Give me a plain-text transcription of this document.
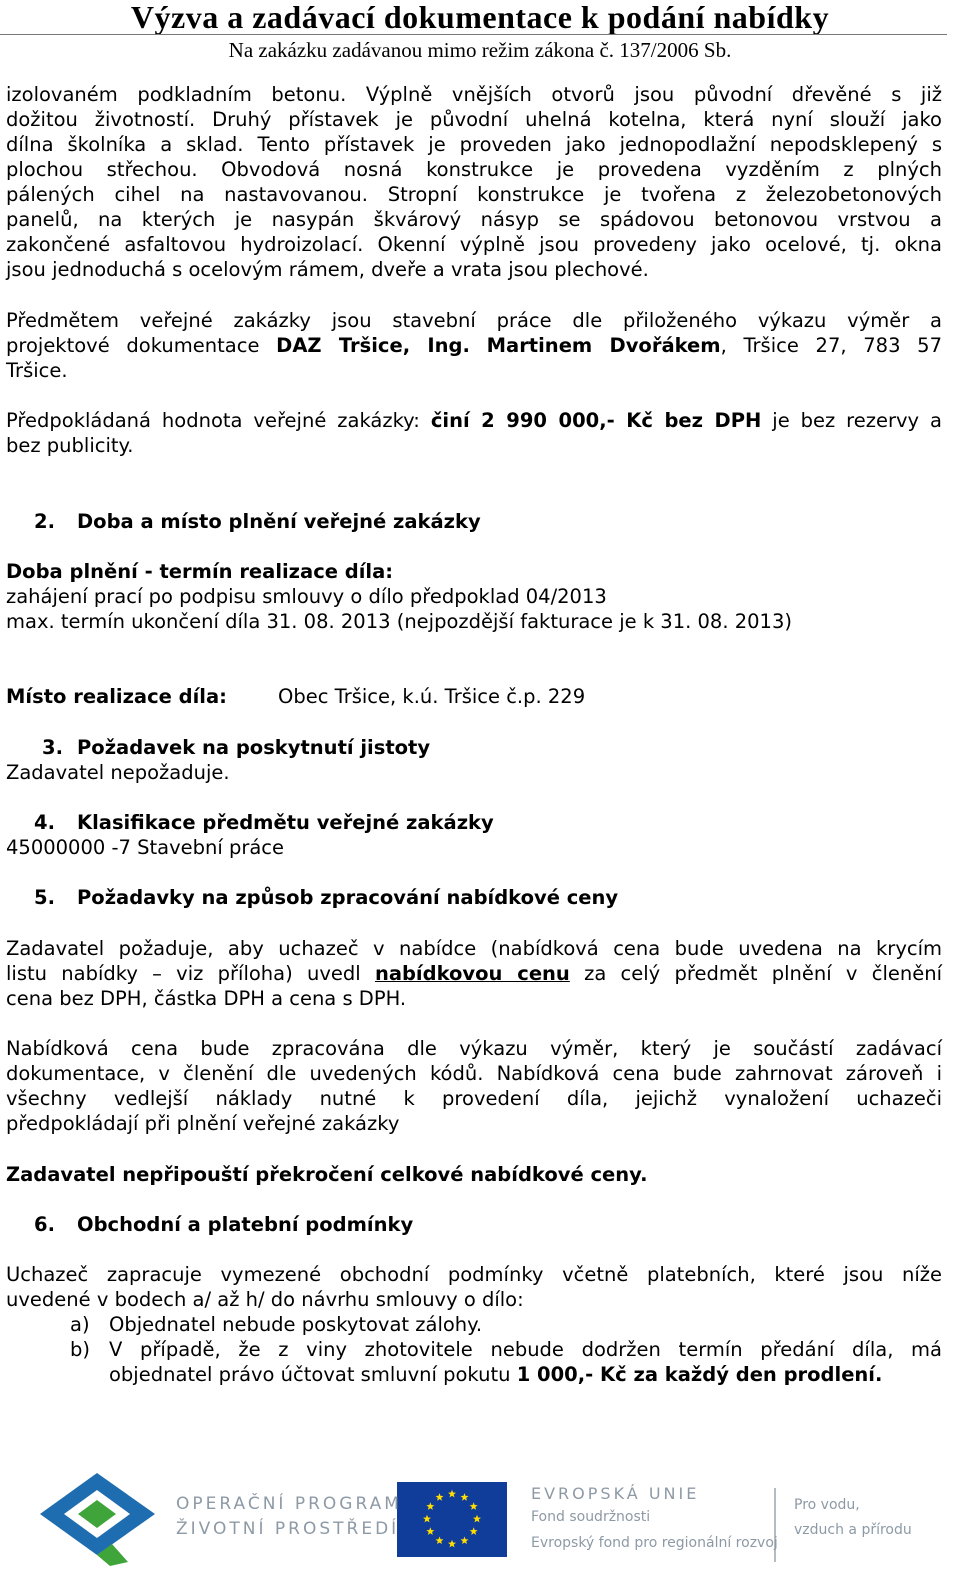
Výzva a zadávací dokumentace k podání nabídky
Na zakázku zadávanou mimo režim zákona č. 137/2006 Sb.
izolovaném podkladním betonu. Výplně vnějších otvorů jsou původní dřevěné s již
dožitou životností. Druhý přístavek je původní uhelná kotelna, která nyní slouží jako
dílna školníka a sklad. Tento přístavek je proveden jako jednopodlažní nepodsklepený s
plochou střechou. Obvodová nosná konstrukce je provedena vyzděním z plných
pálených cihel na nastavovanou. Stropní konstrukce je tvořena z železobetonových
panelů, na kterých je nasypán škvárový násyp se spádovou betonovou vrstvou a
zakončené asfaltovou hydroizolací. Okenní výplně jsou provedeny jako ocelové, tj. okna
jsou jednoduchá s ocelovým rámem, dveře a vrata jsou plechové.
Předmětem veřejné zakázky jsou stavební práce dle přiloženého výkazu výměr a
projektové dokumentace DAZ Tršice, Ing. Martinem Dvořákem, Tršice 27, 783 57
Tršice.
Předpokládaná hodnota veřejné zakázky: činí 2 990 000,- Kč bez DPH je bez rezervy a
bez publicity.
2. Doba a místo plnění veřejné zakázky

Doba plnění - termín realizace díla:
zahájení prací po podpisu smlouvy o dílo předpoklad 04/2013
max. termín ukončení díla 31. 08. 2013 (nejpozdější fakturace je k 31. 08. 2013)
Místo realizace díla:	Obec Tršice, k.ú. Tršice č.p. 229
3. Požadavek na poskytnutí jistoty

Zadavatel nepožaduje.
4. Klasifikace předmětu veřejné zakázky

45000000 -7 Stavební práce
5. Požadavky na způsob zpracování nabídkové ceny

Zadavatel požaduje, aby uchazeč v nabídce (nabídková cena bude uvedena na krycím
listu nabídky – viz příloha) uvedl nabídkovou cenu za celý předmět plnění v členění
cena bez DPH, částka DPH a cena s DPH.
Nabídková cena bude zpracována dle výkazu výměr, který je součástí zadávací
dokumentace, v členění dle uvedených kódů. Nabídková cena bude zahrnovat zároveň i
všechny vedlejší náklady nutné k provedení díla, jejichž vynaložení uchazeči
předpokládají při plnění veřejné zakázky
Zadavatel nepřipouští překročení celkové nabídkové ceny.
6. Obchodní a platební podmínky

Uchazeč zapracuje vymezené obchodní podmínky včetně platebních, které jsou níže
uvedené v bodech a/ až h/ do návrhu smlouvy o dílo:
a) Objednatel nebude poskytovat zálohy.

b) V případě, že z viny zhotovitele nebude dodržen termín předání díla, má

objednatel právo účtovat smluvní pokutu 1 000,- Kč za každý den prodlení.

OPERAČNÍ PROGRAM
ŽIVOTNÍ PROSTŘEDÍ
EVROPSKÁ UNIE
Fond soudržnosti
Evropský fond pro regionální rozvoj
Pro vodu,
vzduch a přírodu
